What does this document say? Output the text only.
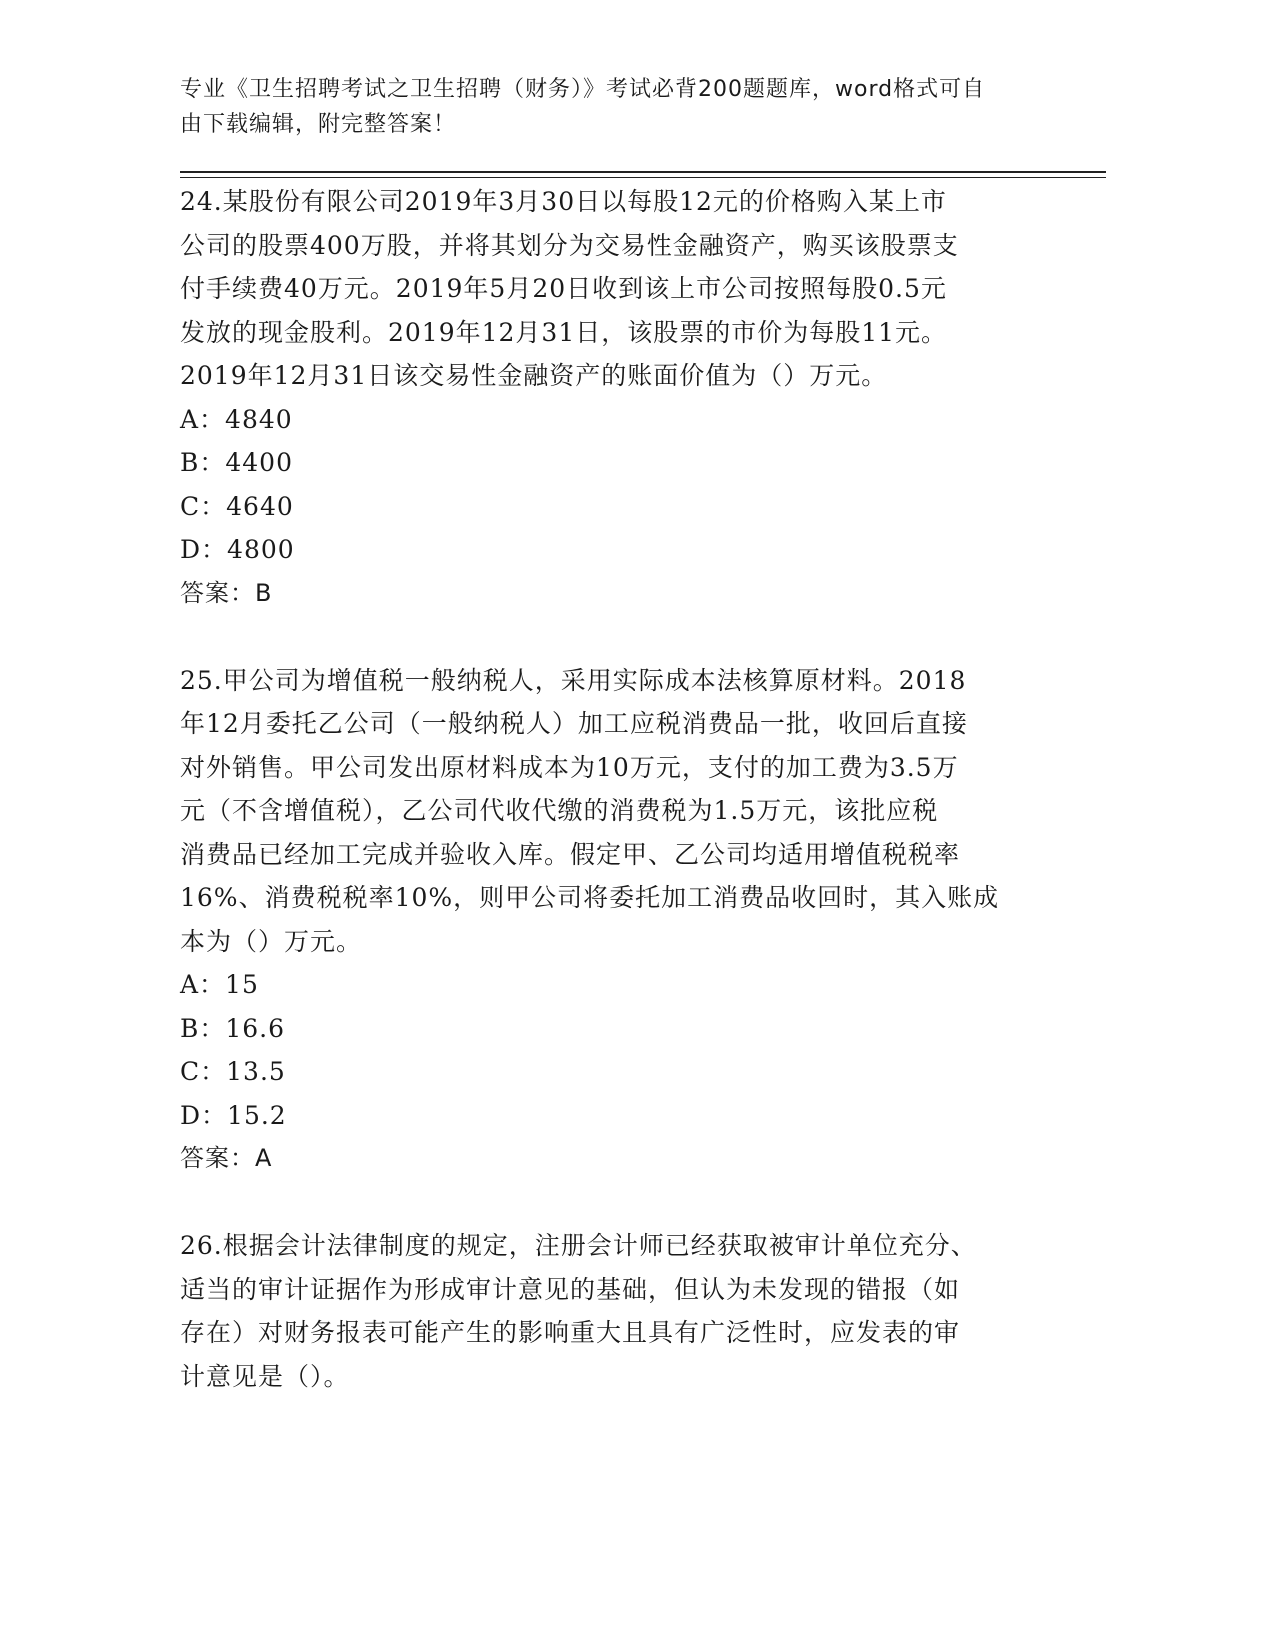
专业《卫生招聘考试之卫生招聘（财务）》考试必背200题题库，word格式可自
由下载编辑，附完整答案！

24.某股份有限公司2019年3月30日以每股12元的价格购入某上市

公司的股票400万股，并将其划分为交易性金融资产，购买该股票支

付手续费40万元。2019年5月20日收到该上市公司按照每股0.5元

发放的现金股利。2019年12月31日，该股票的市价为每股11元。

2019年12月31日该交易性金融资产的账面价值为（）万元。

A：4840

B：4400

C：4640

D：4800

答案：B

25.甲公司为增值税一般纳税人，采用实际成本法核算原材料。2018

年12月委托乙公司（一般纳税人）加工应税消费品一批，收回后直接

对外销售。甲公司发出原材料成本为10万元，支付的加工费为3.5万

元（不含增值税），乙公司代收代缴的消费税为1.5万元，该批应税

消费品已经加工完成并验收入库。假定甲、乙公司均适用增值税税率

16%、消费税税率10%，则甲公司将委托加工消费品收回时，其入账成

本为（）万元。

A：15

B：16.6

C：13.5

D：15.2

答案：A

26.根据会计法律制度的规定，注册会计师已经获取被审计单位充分、

适当的审计证据作为形成审计意见的基础，但认为未发现的错报（如

存在）对财务报表可能产生的影响重大且具有广泛性时，应发表的审

计意见是（）。
